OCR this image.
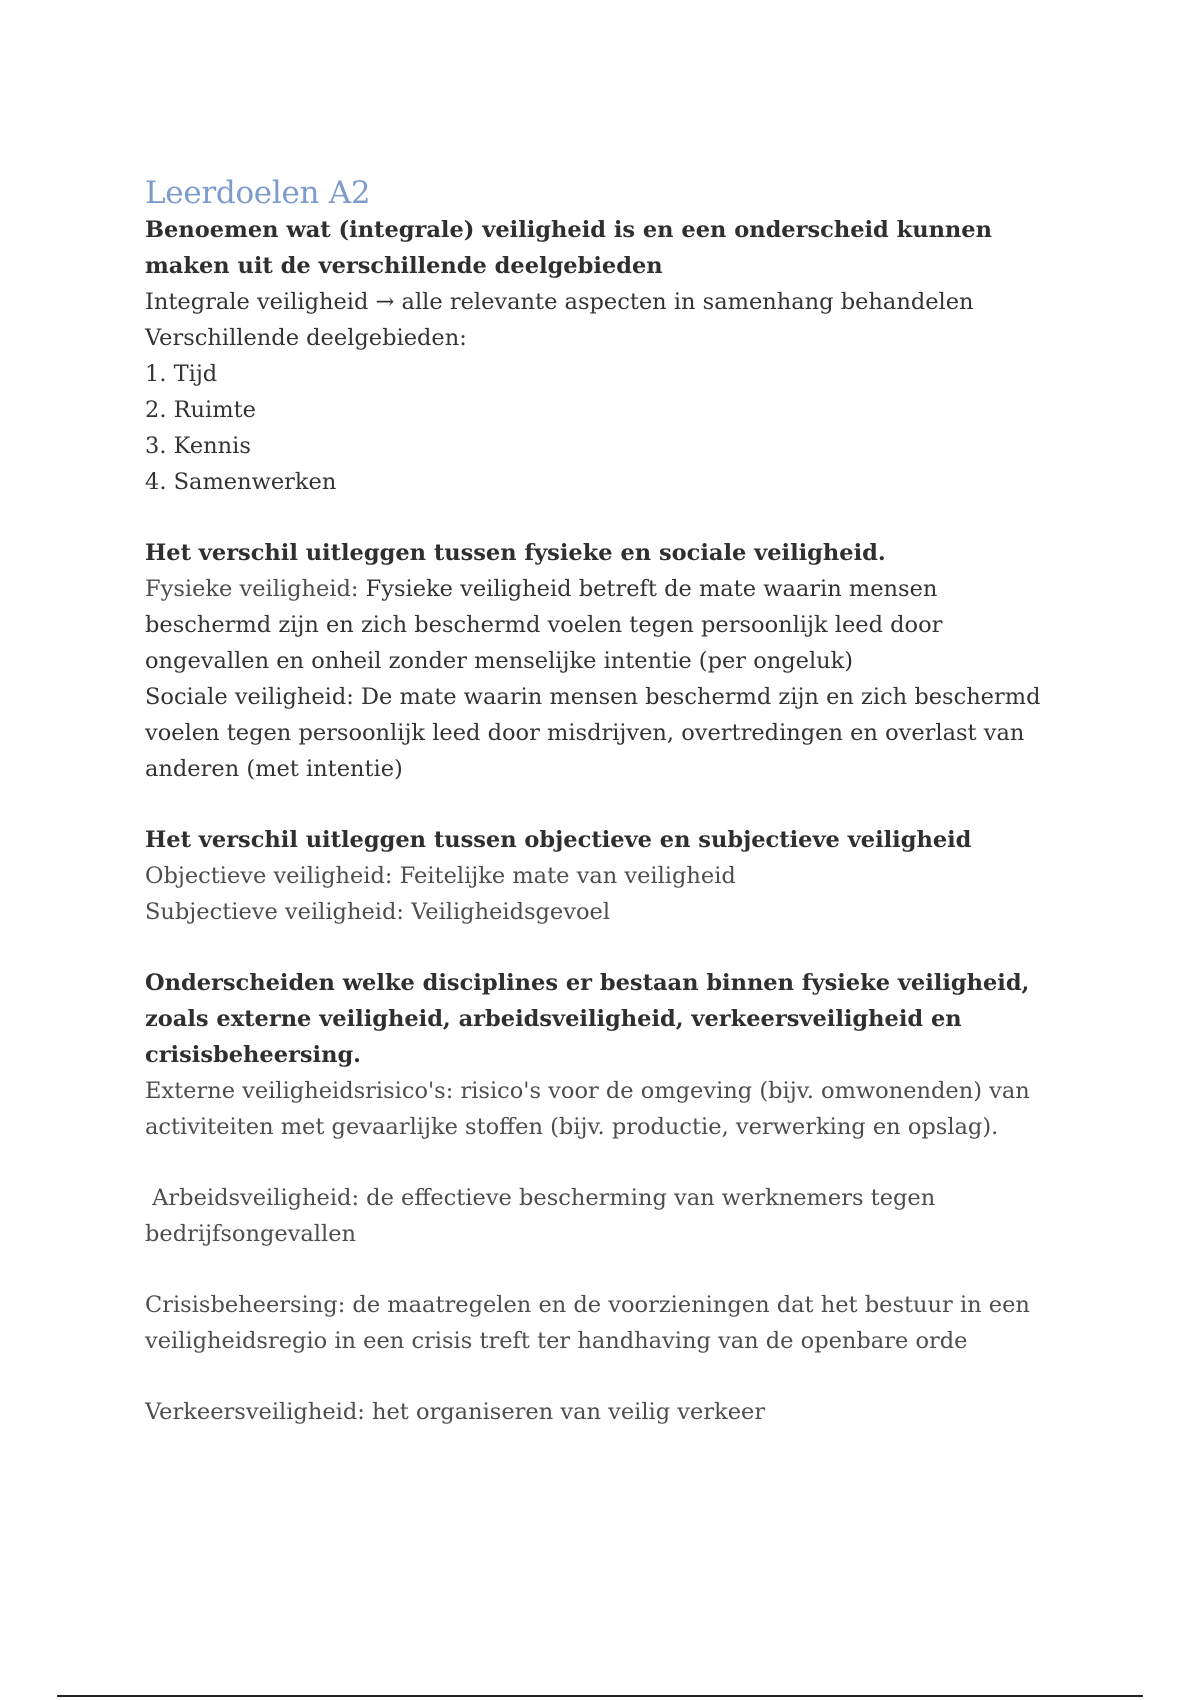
Leerdoelen A2

Benoemen wat (integrale) veiligheid is en een onderscheid kunnen maken uit de verschillende deelgebieden

Integrale veiligheid → alle relevante aspecten in samenhang behandelen

Verschillende deelgebieden:

1. Tijd
2. Ruimte
3. Kennis
4. Samenwerken

Het verschil uitleggen tussen fysieke en sociale veiligheid.

Fysieke veiligheid: Fysieke veiligheid betreft de mate waarin mensen beschermd zijn en zich beschermd voelen tegen persoonlijk leed door ongevallen en onheil zonder menselijke intentie (per ongeluk)

Sociale veiligheid: De mate waarin mensen beschermd zijn en zich beschermd voelen tegen persoonlijk leed door misdrijven, overtredingen en overlast van anderen (met intentie)

Het verschil uitleggen tussen objectieve en subjectieve veiligheid

Objectieve veiligheid: Feitelijke mate van veiligheid

Subjectieve veiligheid: Veiligheidsgevoel

Onderscheiden welke disciplines er bestaan binnen fysieke veiligheid, zoals externe veiligheid, arbeidsveiligheid, verkeersveiligheid en crisisbeheersing.

Externe veiligheidsrisico's: risico's voor de omgeving (bijv. omwonenden) van activiteiten met gevaarlijke stoffen (bijv. productie, verwerking en opslag).

Arbeidsveiligheid: de effectieve bescherming van werknemers tegen bedrijfsongevallen

Crisisbeheersing: de maatregelen en de voorzieningen dat het bestuur in een veiligheidsregio in een crisis treft ter handhaving van de openbare orde

Verkeersveiligheid: het organiseren van veilig verkeer
